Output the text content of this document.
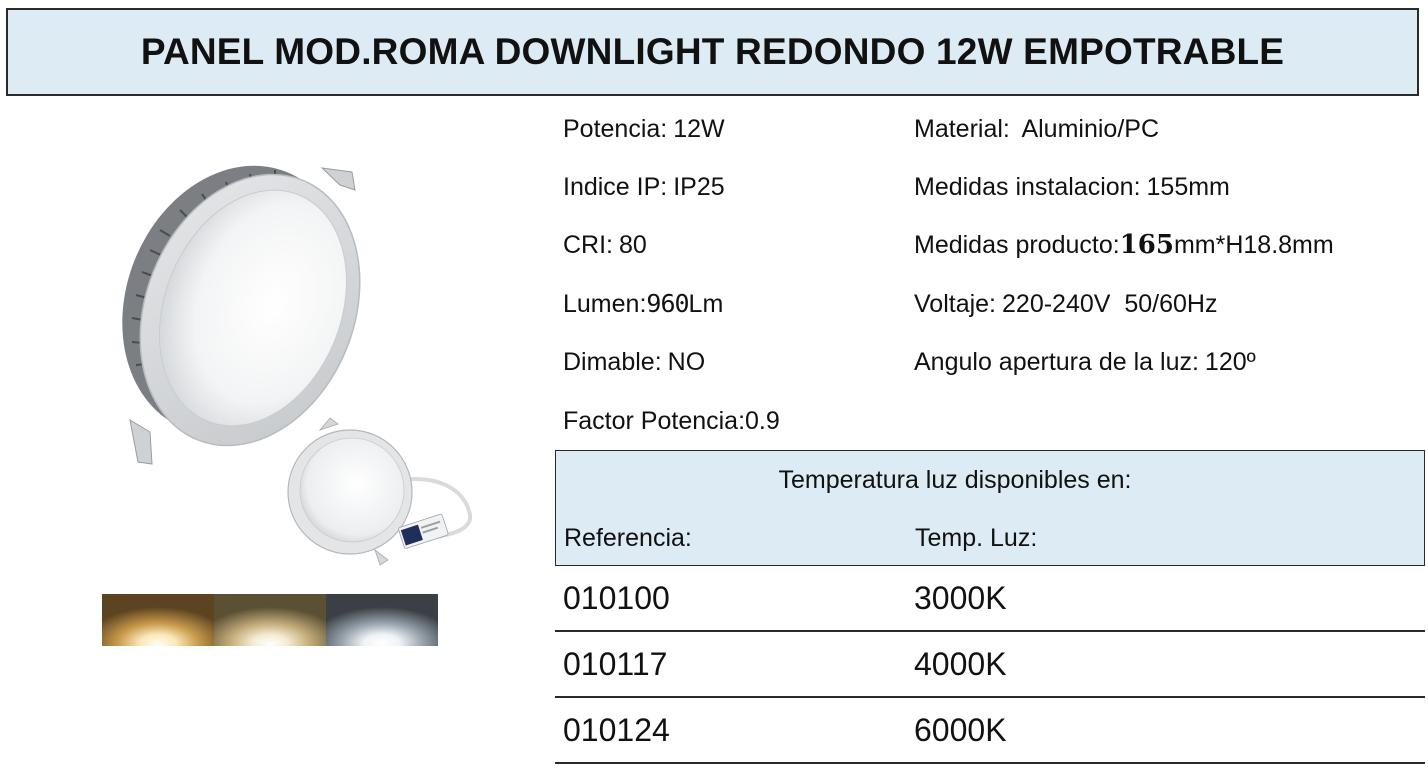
PANEL MOD.ROMA DOWNLIGHT REDONDO 12W EMPOTRABLE
Potencia: 12W
Indice IP: IP25
CRI: 80
Lumen:960Lm
Dimable: NO
Factor Potencia:0.9
Material: Aluminio/PC
Medidas instalacion: 155mm
Medidas producto:165mm*H18.8mm
Voltaje: 220-240V  50/60Hz
Angulo apertura de la luz: 120º
Temperatura luz disponibles en:
Referencia:	Temp. Luz:
010100	3000K
010117	4000K
010124	6000K
